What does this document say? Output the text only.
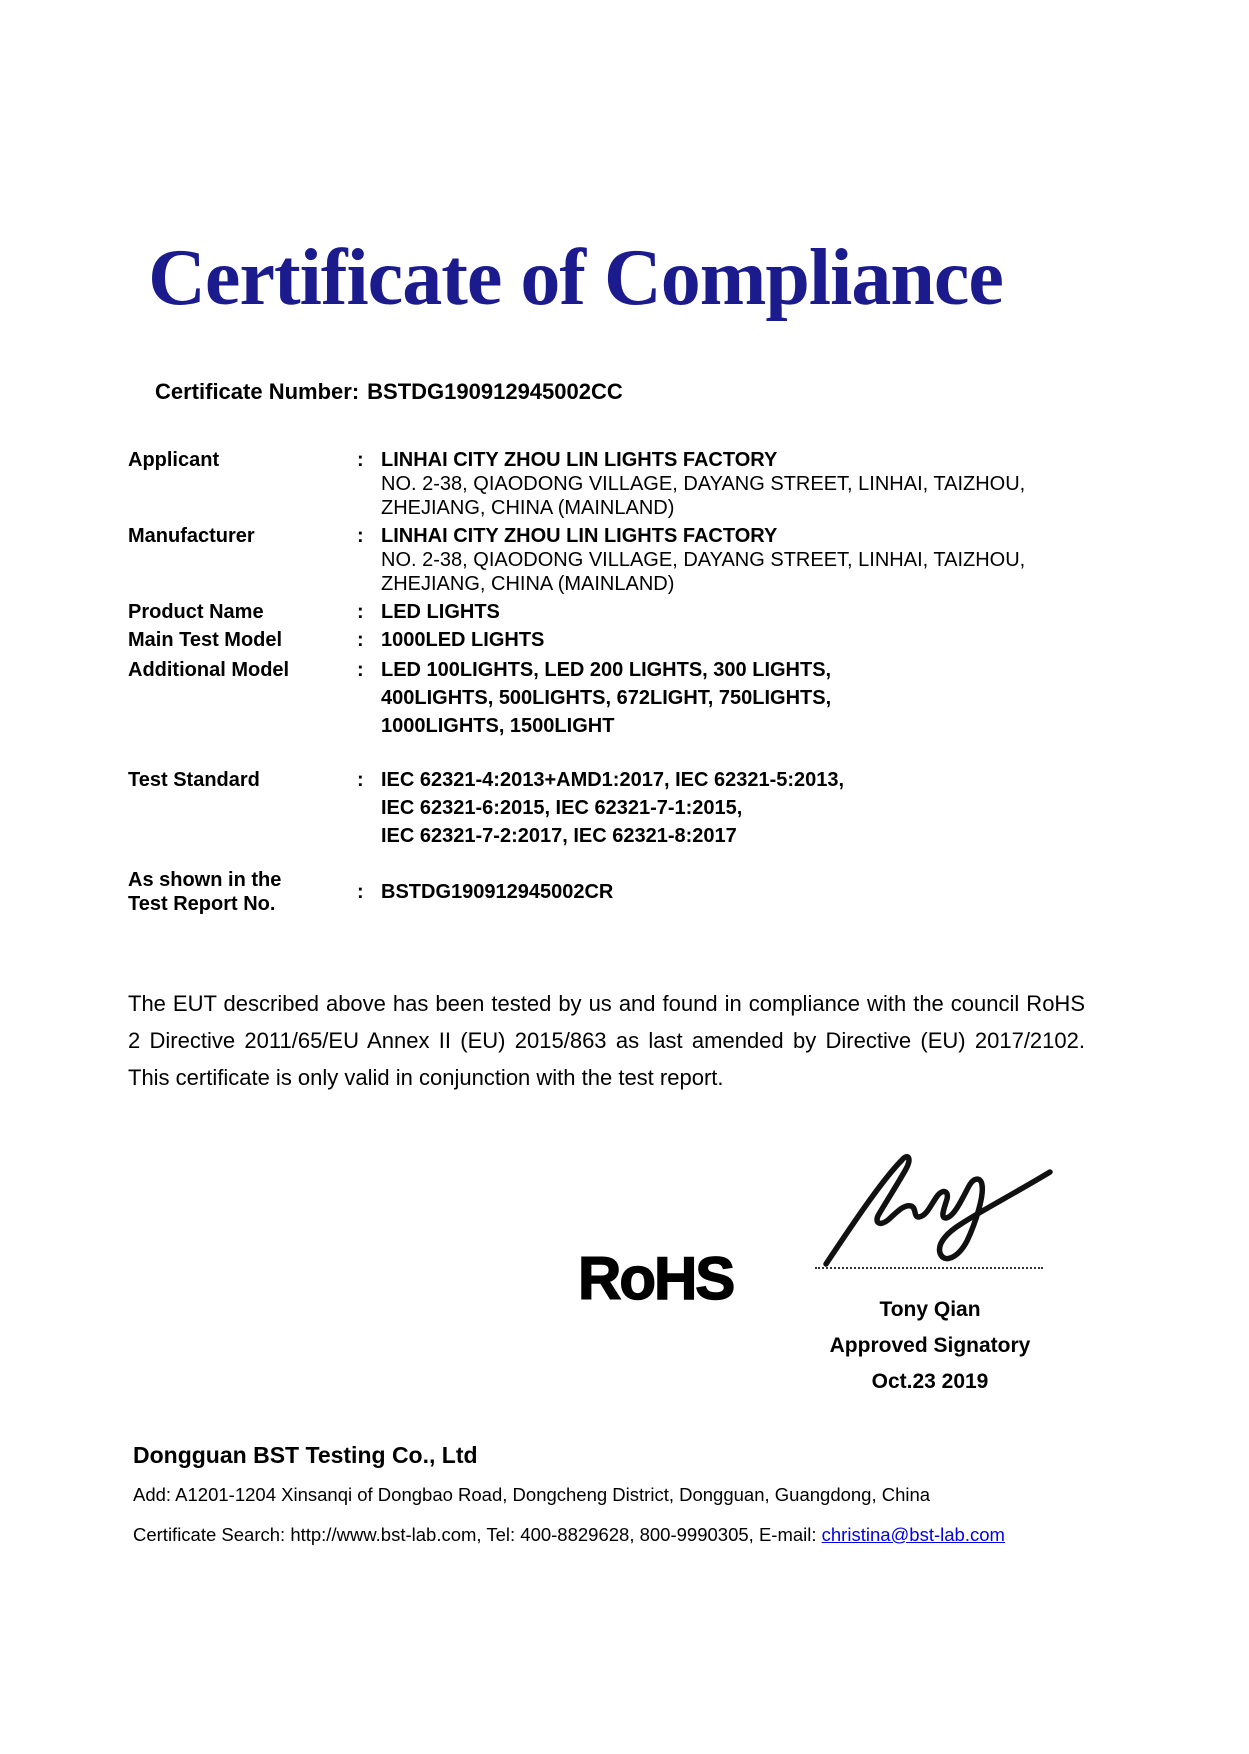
Certificate of Compliance
Certificate Number: BSTDG190912945002CC
Applicant	: LINHAI CITY ZHOU LIN LIGHTS FACTORY
NO. 2-38, QIAODONG VILLAGE, DAYANG STREET, LINHAI, TAIZHOU,
ZHEJIANG, CHINA (MAINLAND)
Manufacturer	: LINHAI CITY ZHOU LIN LIGHTS FACTORY
NO. 2-38, QIAODONG VILLAGE, DAYANG STREET, LINHAI, TAIZHOU,
ZHEJIANG, CHINA (MAINLAND)
Product Name	: LED LIGHTS
Main Test Model	: 1000LED LIGHTS
Additional Model	: LED 100LIGHTS, LED 200 LIGHTS, 300 LIGHTS,
400LIGHTS, 500LIGHTS, 672LIGHT, 750LIGHTS,
1000LIGHTS, 1500LIGHT
Test Standard	: IEC 62321-4:2013+AMD1:2017, IEC 62321-5:2013,
IEC 62321-6:2015, IEC 62321-7-1:2015,
IEC 62321-7-2:2017, IEC 62321-8:2017
As shown in the
Test Report No.
: BSTDG190912945002CR
The EUT described above has been tested by us and found in compliance with the council RoHS 2 Directive 2011/65/EU Annex II (EU) 2015/863 as last amended by Directive (EU) 2017/2102. This certificate is only valid in conjunction with the test report.
RoHS	Tony Qian
Approved Signatory
Oct.23 2019
Dongguan BST Testing Co., Ltd
Add: A1201-1204 Xinsanqi of Dongbao Road, Dongcheng District, Dongguan, Guangdong, China
Certificate Search: http://www.bst-lab.com, Tel: 400-8829628, 800-9990305, E-mail: christina@bst-lab.com
